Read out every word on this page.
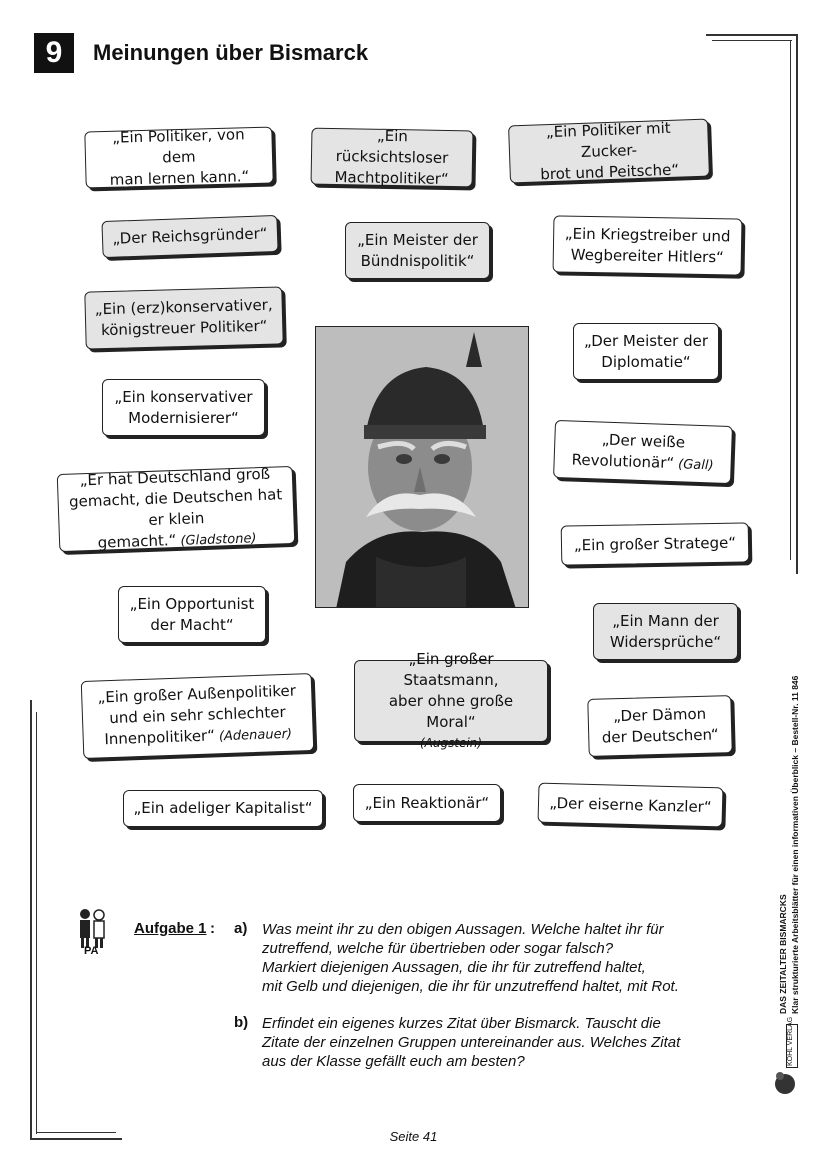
9	Meinungen über Bismarck
„Ein Politiker, von dem
man lernen kann.“
„Ein rücksichtsloser
Machtpolitiker“
„Ein Politiker mit Zucker-
brot und Peitsche“
„Der Reichsgründer“	„Ein Meister der
Bündnispolitik“
„Ein Kriegstreiber und
Wegbereiter Hitlers“
„Ein (erz)konservativer,
königstreuer Politiker“
„Der Meister der
Diplomatie“
„Ein konservativer
Modernisierer“
„Der weiße
Revolutionär“ (Gall)
„Er hat Deutschland groß
gemacht, die Deutschen hat
er klein gemacht.“ (Gladstone)	„Ein großer Stratege“
„Ein Opportunist
der Macht“	„Ein Mann der
Widersprüche“
„Ein großer Außenpolitiker
und ein sehr schlechter
Innenpolitiker“ (Adenauer)
„Ein großer Staatsmann,
aber ohne große Moral“
(Augstein)
„Der Dämon
der Deutschen“
„Ein adeliger Kapitalist“	„Ein Reaktionär“	„Der eiserne Kanzler“
PA
Aufgabe 1 : a) Was meint ihr zu den obigen Aussagen. Welche haltet ihr für
zutreffend, welche für übertrieben oder sogar falsch?
Markiert diejenigen Aussagen, die ihr für zutreffend haltet,
mit Gelb und diejenigen, die ihr für unzutreffend haltet, mit Rot.
b) Erfindet ein eigenes kurzes Zitat über Bismarck. Tauscht die
Zitate der einzelnen Gruppen untereinander aus. Welches Zitat
aus der Klasse gefällt euch am besten?
Seite 41
DAS ZEITALTER BISMARCKS Klar strukturierte Arbeitsblätter für einen informativen Überblick – Bestell-Nr. 11 846
KOHL VERLAG
